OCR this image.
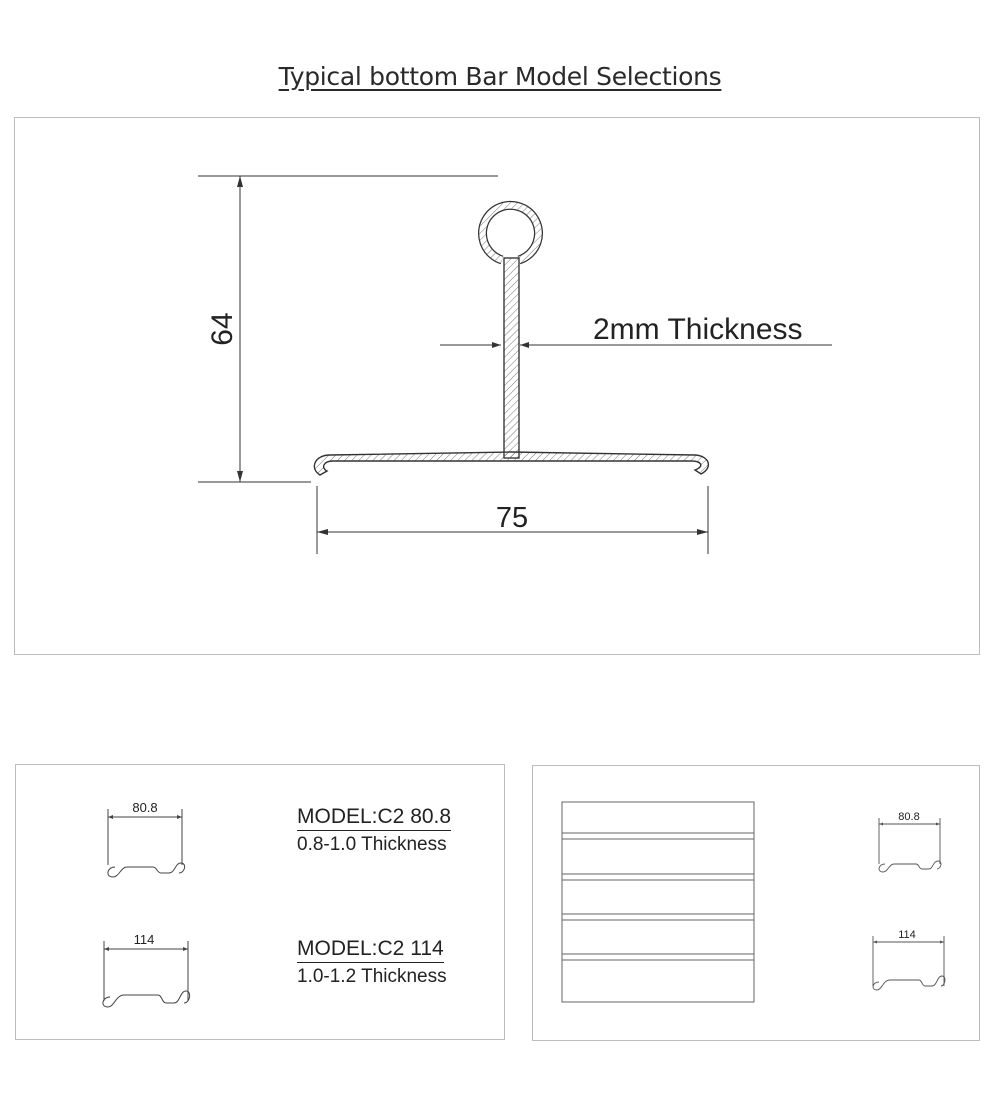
Typical bottom Bar Model Selections
64
75
2mm Thickness
80.8	MODEL:C2 80.8
0.8-1.0 Thickness
114	MODEL:C2 114
1.0-1.2 Thickness
80.8
114
